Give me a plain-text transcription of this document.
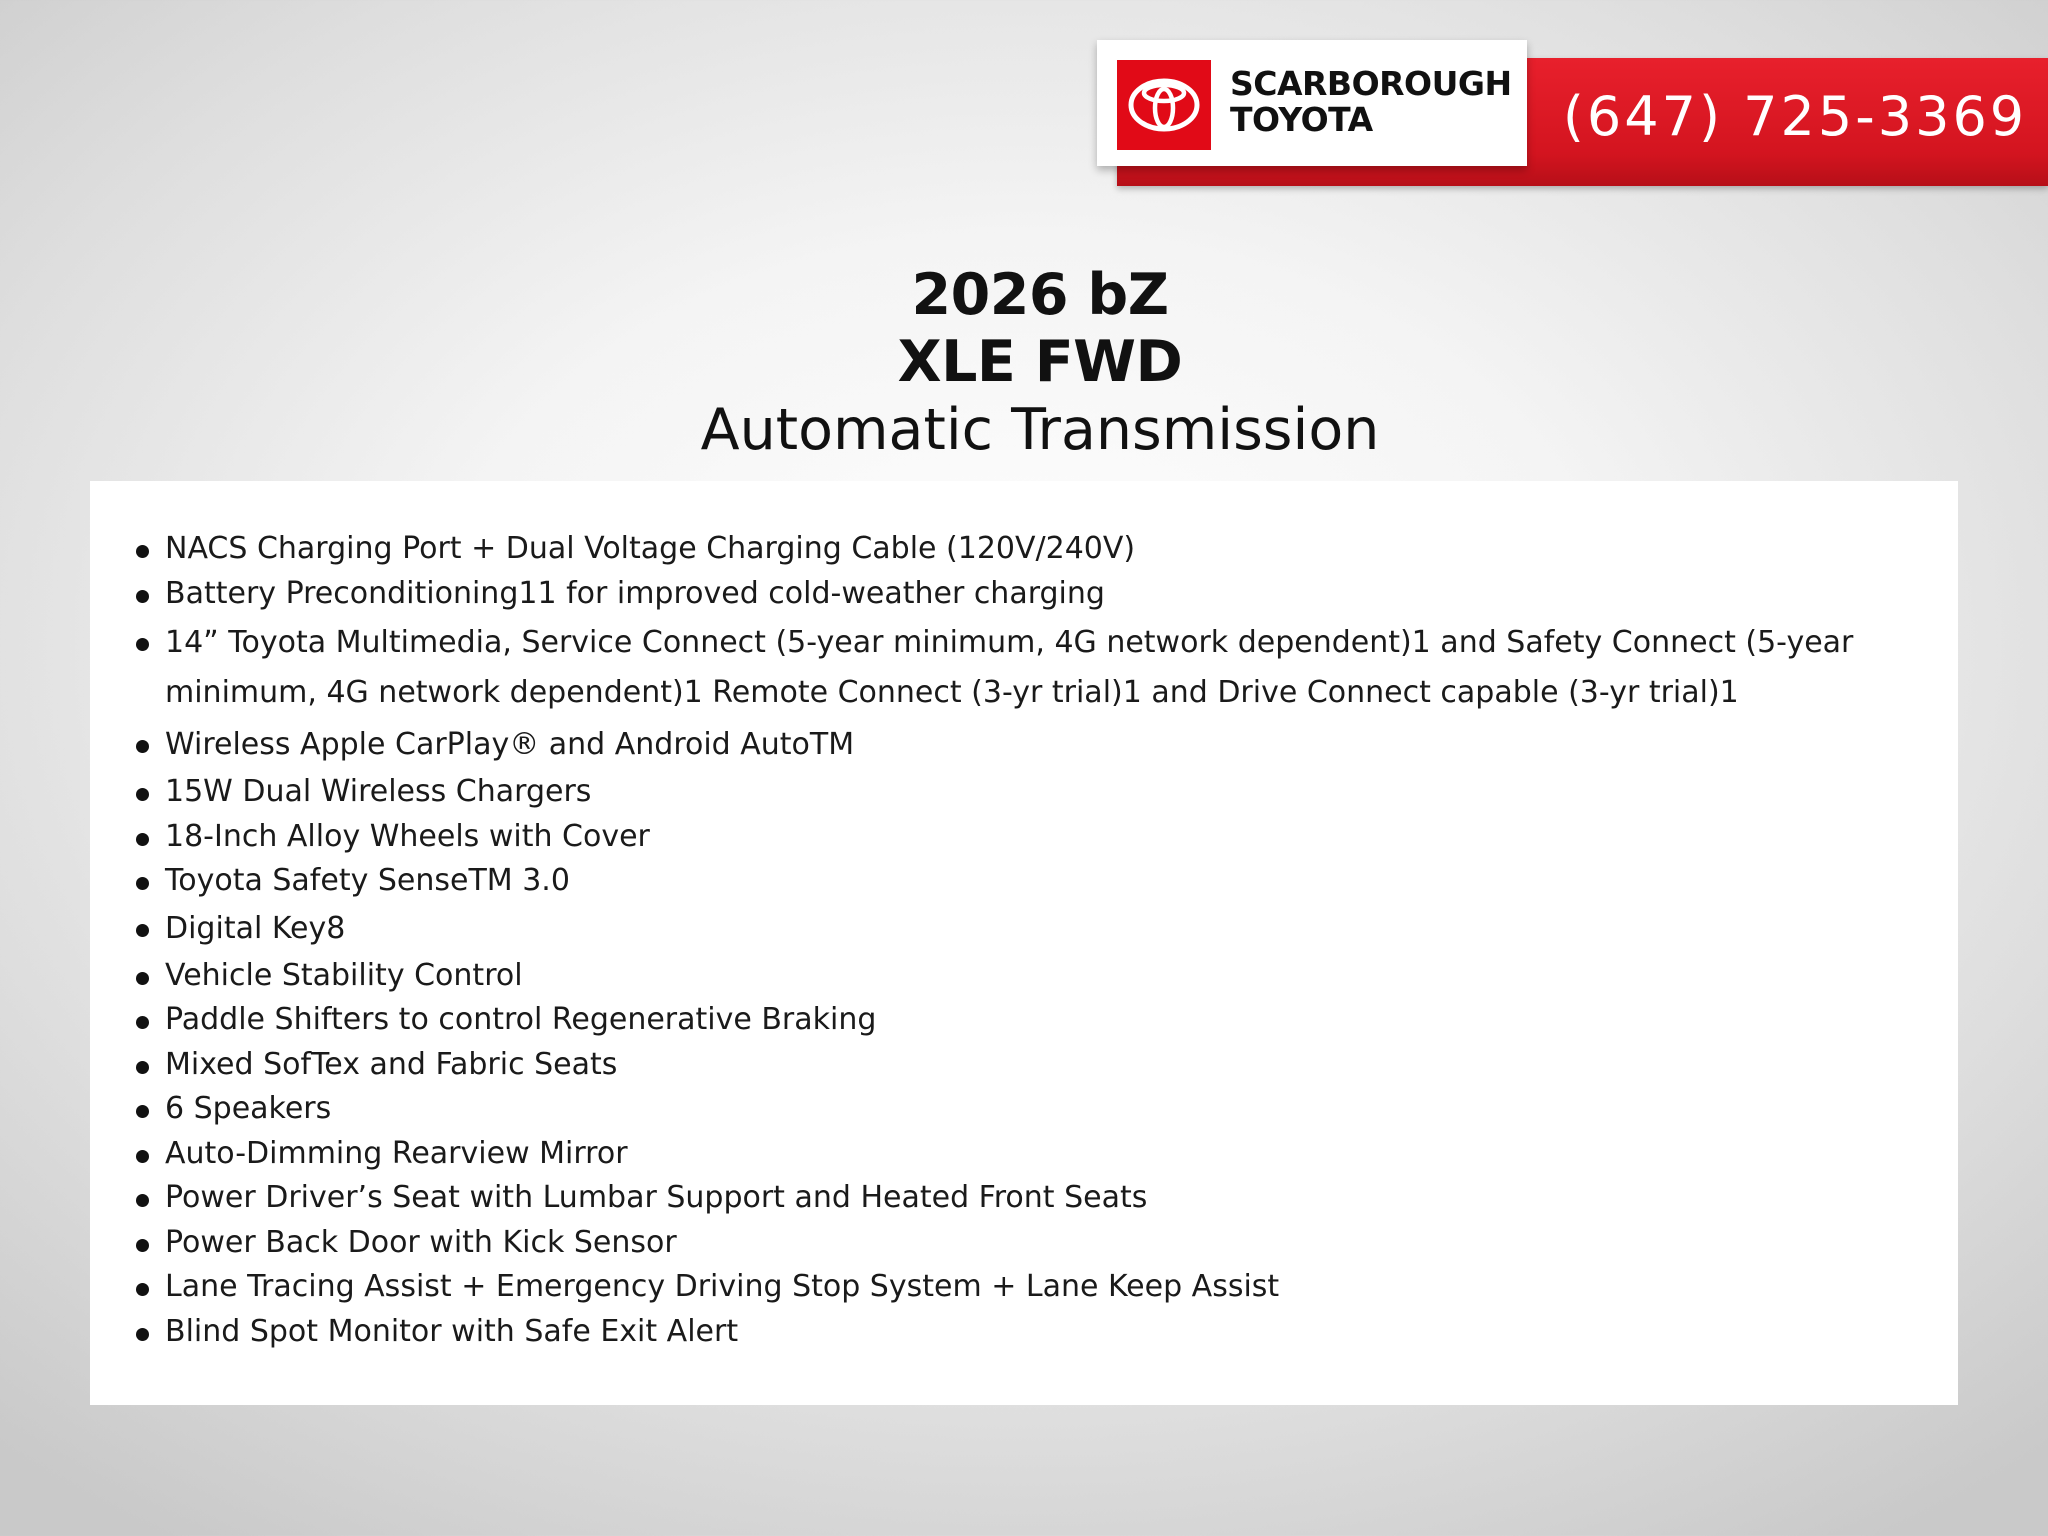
(647) 725-3369
SCARBOROUGH
TOYOTA
2026 bZ
XLE FWD
Automatic Transmission
NACS Charging Port + Dual Voltage Charging Cable (120V/240V)
Battery Preconditioning11 for improved cold-weather charging
14” Toyota Multimedia, Service Connect (5-year minimum, 4G network dependent)1 and Safety Connect (5-year minimum, 4G network dependent)1 Remote Connect (3-yr trial)1 and Drive Connect capable (3-yr trial)1
Wireless Apple CarPlay® and Android AutoTM
15W Dual Wireless Chargers
18-Inch Alloy Wheels with Cover
Toyota Safety SenseTM 3.0
Digital Key8
Vehicle Stability Control
Paddle Shifters to control Regenerative Braking
Mixed SofTex and Fabric Seats
6 Speakers
Auto-Dimming Rearview Mirror
Power Driver’s Seat with Lumbar Support and Heated Front Seats
Power Back Door with Kick Sensor
Lane Tracing Assist + Emergency Driving Stop System + Lane Keep Assist
Blind Spot Monitor with Safe Exit Alert
